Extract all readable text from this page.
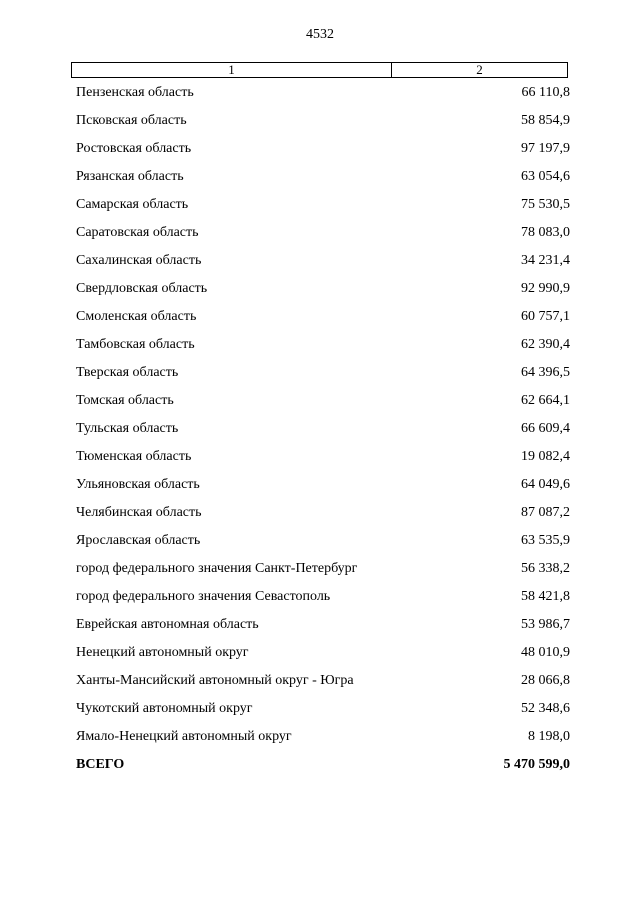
4532
1	2
Пензенская область	66 110,8
Псковская область	58 854,9
Ростовская область	97 197,9
Рязанская область	63 054,6
Самарская область	75 530,5
Саратовская область	78 083,0
Сахалинская область	34 231,4
Свердловская область	92 990,9
Смоленская область	60 757,1
Тамбовская область	62 390,4
Тверская область	64 396,5
Томская область	62 664,1
Тульская область	66 609,4
Тюменская область	19 082,4
Ульяновская область	64 049,6
Челябинская область	87 087,2
Ярославская область	63 535,9
город федерального значения Санкт-Петербург	56 338,2
город федерального значения Севастополь	58 421,8
Еврейская автономная область	53 986,7
Ненецкий автономный округ	48 010,9
Ханты-Мансийский автономный округ - Югра	28 066,8
Чукотский автономный округ	52 348,6
Ямало-Ненецкий автономный округ	8 198,0
ВСЕГО	5 470 599,0
